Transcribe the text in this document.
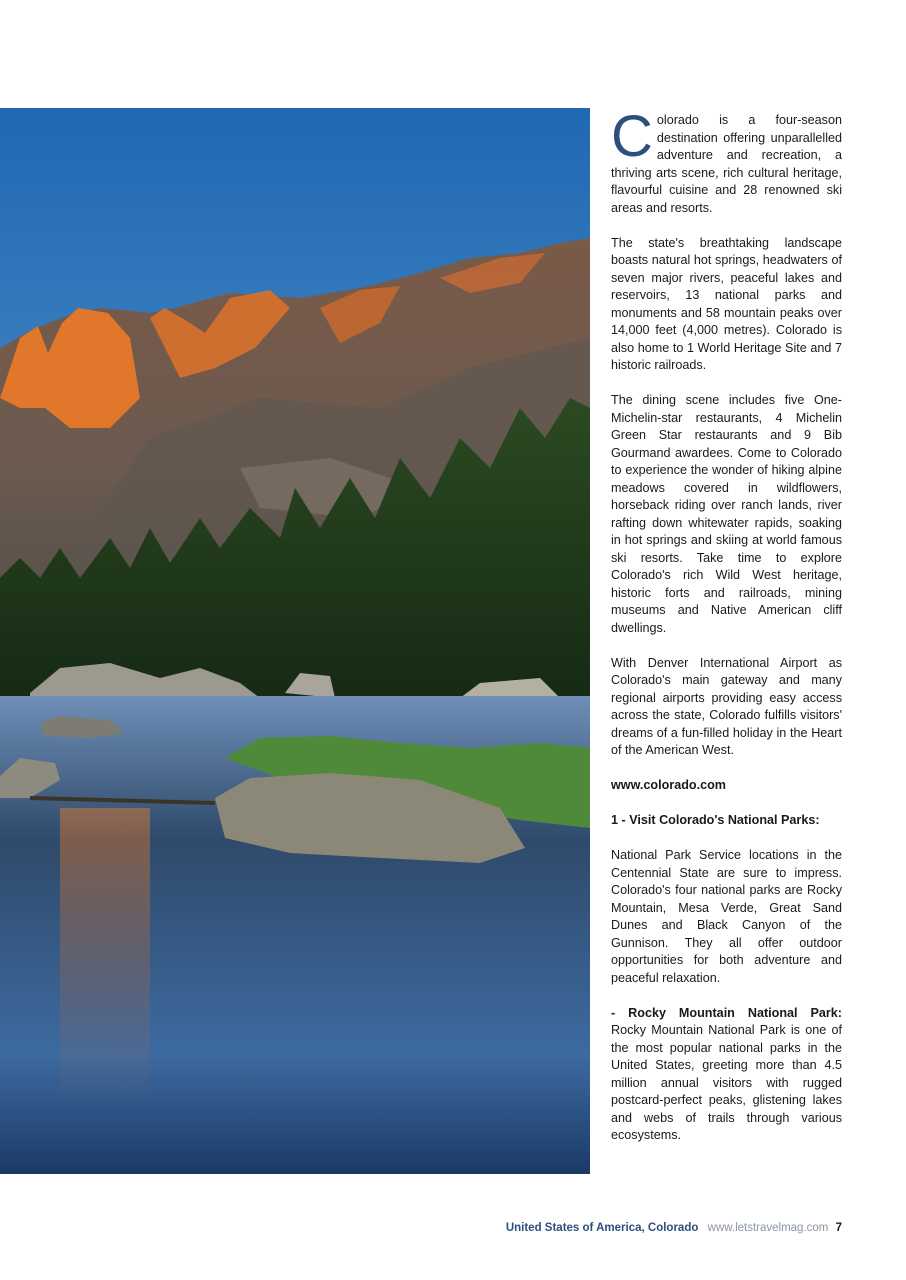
Colorado is a four-season destination offering unparallelled adventure and recreation, a thriving arts scene, rich cultural heritage, flavourful cuisine and 28 renowned ski areas and resorts.

The state's breathtaking landscape boasts natural hot springs, headwaters of seven major rivers, peaceful lakes and reservoirs, 13 national parks and monuments and 58 mountain peaks over 14,000 feet (4,000 metres). Colorado is also home to 1 World Heritage Site and 7 historic railroads.

The dining scene includes five One-Michelin-star restaurants, 4 Michelin Green Star restaurants and 9 Bib Gourmand awardees. Come to Colorado to experience the wonder of hiking alpine meadows covered in wildflowers, horseback riding over ranch lands, river rafting down whitewater rapids, soaking in hot springs and skiing at world famous ski resorts. Take time to explore Colorado's rich Wild West heritage, historic forts and railroads, mining museums and Native American cliff dwellings.

With Denver International Airport as Colorado's main gateway and many regional airports providing easy access across the state, Colorado fulfills visitors' dreams of a fun-filled holiday in the Heart of the American West.

www.colorado.com

1 - Visit Colorado's National Parks:

National Park Service locations in the Centennial State are sure to impress. Colorado's four national parks are Rocky Mountain, Mesa Verde, Great Sand Dunes and Black Canyon of the Gunnison. They all offer outdoor opportunities for both adventure and peaceful relaxation.

- Rocky Mountain National Park: Rocky Mountain National Park is one of the most popular national parks in the United States, greeting more than 4.5 million annual visitors with rugged postcard-perfect peaks, glistening lakes and webs of trails through various ecosystems.

United States of America, Colorado www.letstravelmag.com 7
